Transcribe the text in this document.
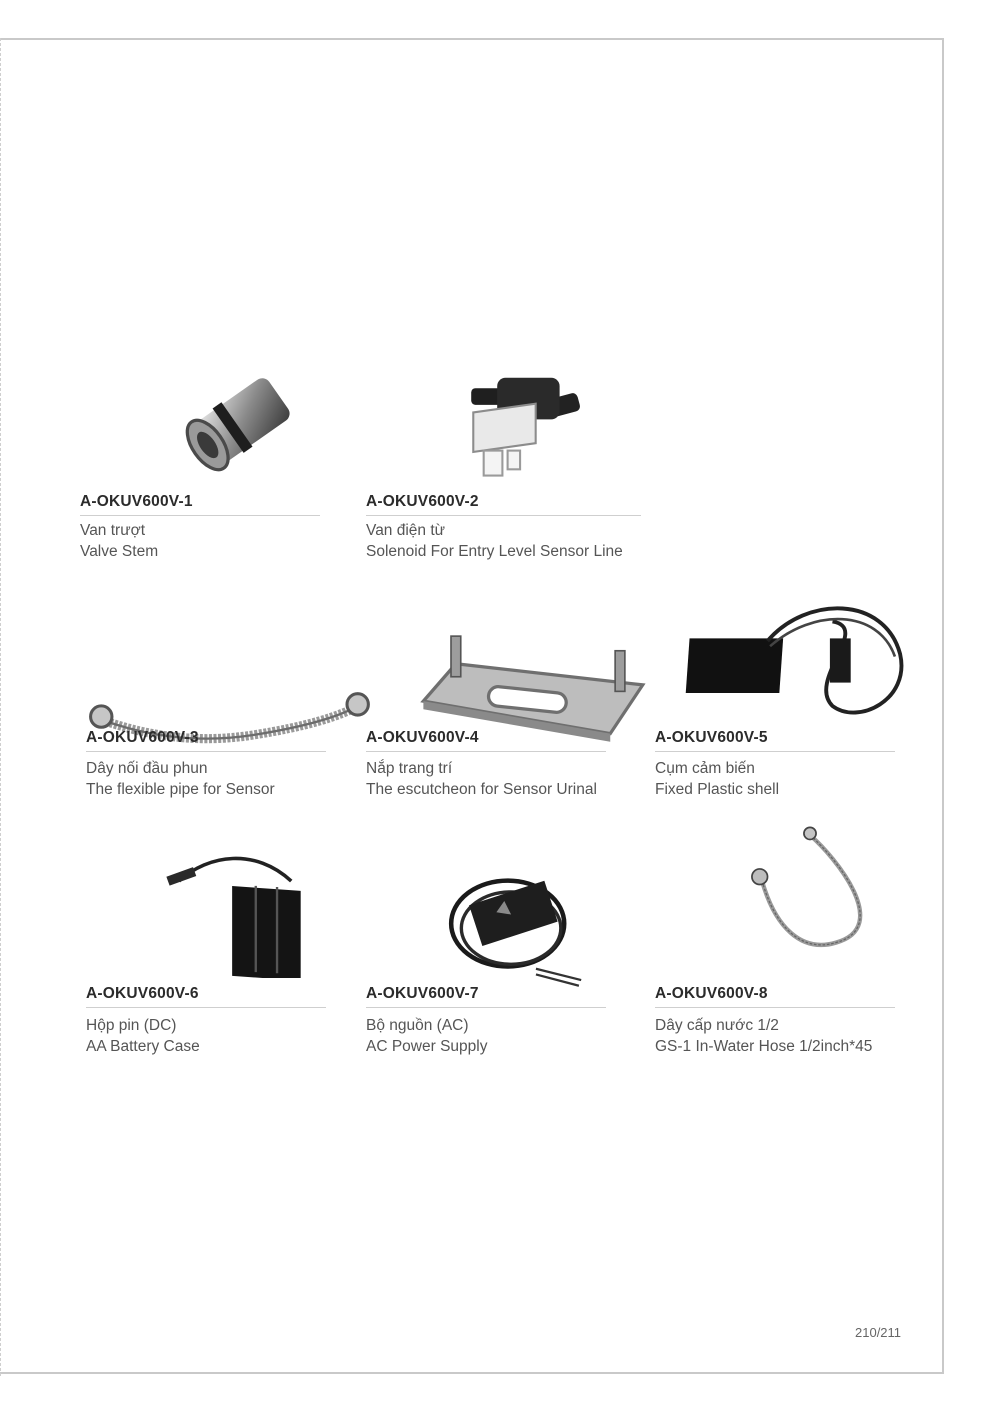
A-OKUV600V-1
Van trượt
Valve Stem
A-OKUV600V-2
Van điện từ
Solenoid For Entry Level Sensor Line
A-OKUV600V-3
Dây nối đầu phun
The flexible pipe for Sensor
A-OKUV600V-4
Nắp trang trí
The escutcheon for Sensor Urinal
A-OKUV600V-5
Cụm cảm biến
Fixed Plastic shell
A-OKUV600V-6
Hộp pin (DC)
AA Battery Case
A-OKUV600V-7
Bộ nguồn (AC)
AC Power Supply
A-OKUV600V-8
Dây cấp nước 1/2
GS-1 In-Water Hose 1/2inch*45
210/211
